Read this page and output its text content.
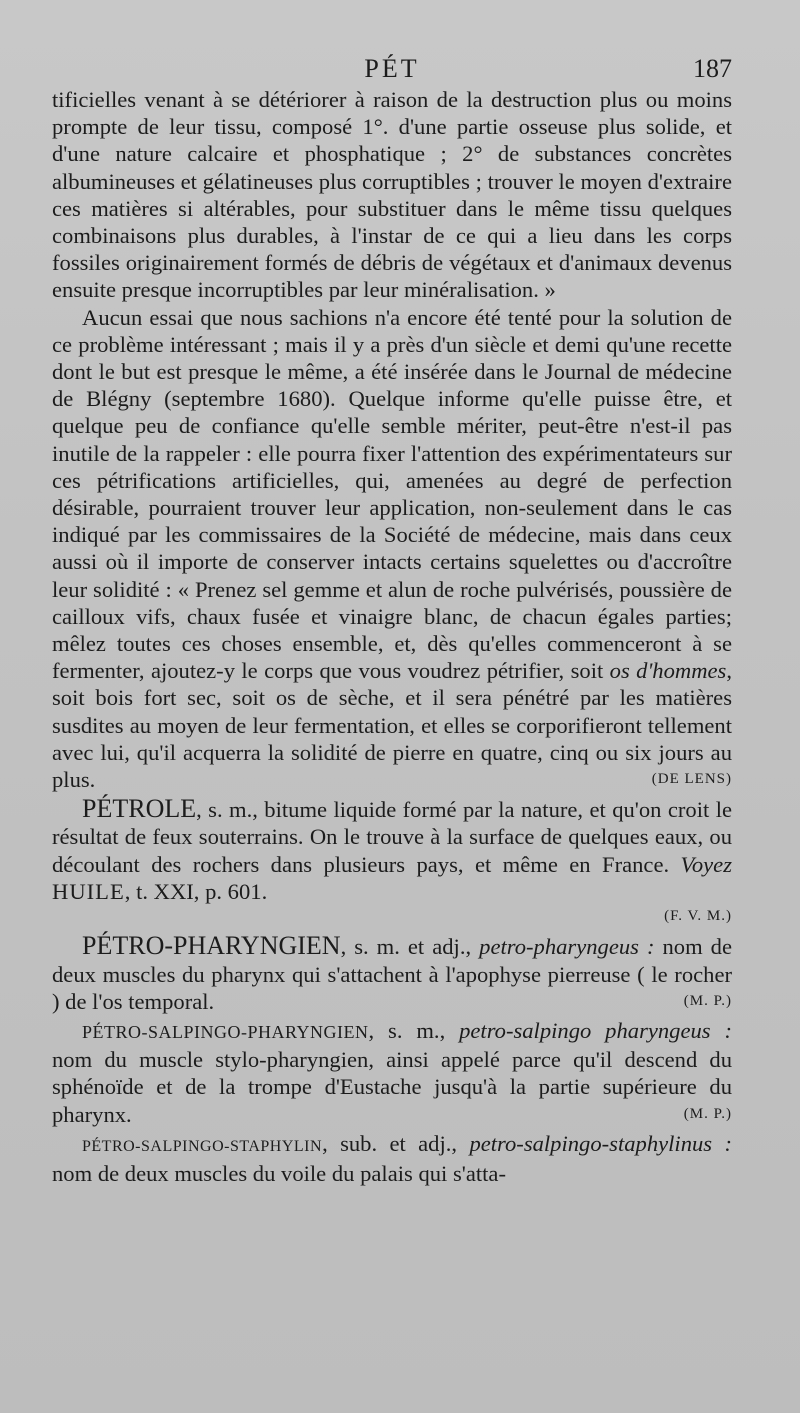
PÉT	187

tificielles venant à se détériorer à raison de la destruction plus ou moins prompte de leur tissu, composé 1°. d'une partie osseuse plus solide, et d'une nature calcaire et phosphatique ; 2° de substances concrètes albumineuses et gélatineuses plus corruptibles ; trouver le moyen d'extraire ces matières si altérables, pour substituer dans le même tissu quelques combinaisons plus durables, à l'instar de ce qui a lieu dans les corps fossiles originairement formés de débris de végétaux et d'animaux devenus ensuite presque incorruptibles par leur minéralisation. »

Aucun essai que nous sachions n'a encore été tenté pour la solution de ce problème intéressant ; mais il y a près d'un siècle et demi qu'une recette dont le but est presque le même, a été insérée dans le Journal de médecine de Blégny (septembre 1680). Quelque informe qu'elle puisse être, et quelque peu de confiance qu'elle semble mériter, peut-être n'est-il pas inutile de la rappeler : elle pourra fixer l'attention des expérimentateurs sur ces pétrifications artificielles, qui, amenées au degré de perfection désirable, pourraient trouver leur application, non-seulement dans le cas indiqué par les commissaires de la Société de médecine, mais dans ceux aussi où il importe de conserver intacts certains squelettes ou d'accroître leur solidité : « Prenez sel gemme et alun de roche pulvérisés, poussière de cailloux vifs, chaux fusée et vinaigre blanc, de chacun égales parties; mêlez toutes ces choses ensemble, et, dès qu'elles commenceront à se fermenter, ajoutez-y le corps que vous voudrez pétrifier, soit os d'hommes, soit bois fort sec, soit os de sèche, et il sera pénétré par les matières susdites au moyen de leur fermentation, et elles se corporifieront tellement avec lui, qu'il acquerra la solidité de pierre en quatre, cinq ou six jours au plus.	(DE LENS)

PÉTROLE, s. m., bitume liquide formé par la nature, et qu'on croit le résultat de feux souterrains. On le trouve à la surface de quelques eaux, ou découlant des rochers dans plusieurs pays, et même en France. Voyez HUILE, t. XXI, p. 601.
(F. V. M.)

PÉTRO-PHARYNGIEN, s. m. et adj., petro-pharyngeus : nom de deux muscles du pharynx qui s'attachent à l'apophyse pierreuse ( le rocher ) de l'os temporal.	(M. P.)

PÉTRO-SALPINGO-PHARYNGIEN, s. m., petro-salpingo pharyngeus : nom du muscle stylo-pharyngien, ainsi appelé parce qu'il descend du sphénoïde et de la trompe d'Eustache jusqu'à la partie supérieure du pharynx.	(M. P.)

PÉTRO-SALPINGO-STAPHYLIN, sub. et adj., petro-salpingo-staphylinus : nom de deux muscles du voile du palais qui s'atta-
